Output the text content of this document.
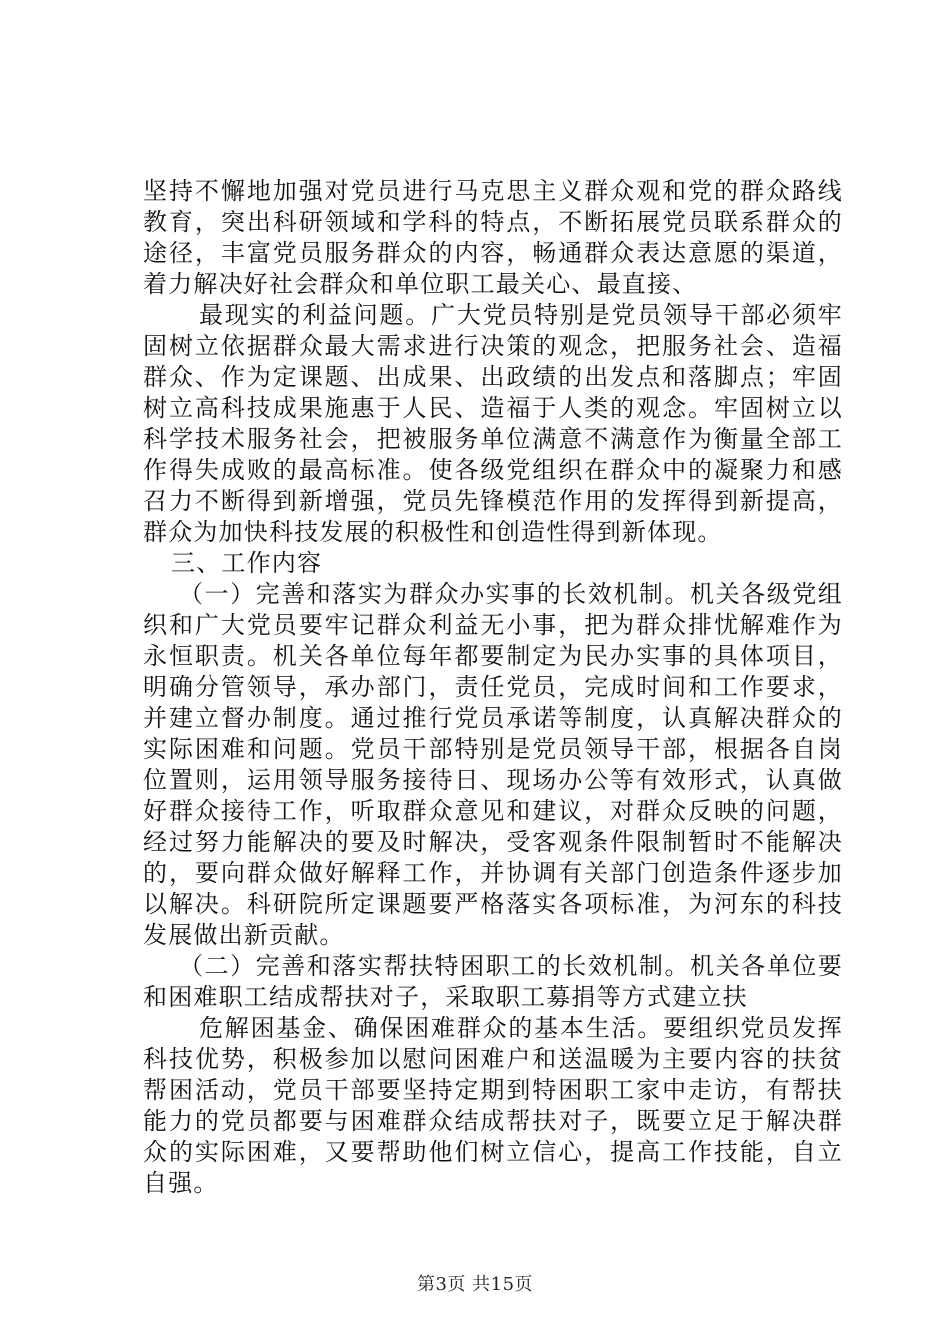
坚持不懈地加强对党员进行马克思主义群众观和党的群众路线教育，突出科研领域和学科的特点，不断拓展党员联系群众的途径，丰富党员服务群众的内容，畅通群众表达意愿的渠道，着力解决好社会群众和单位职工最关心、最直接、

最现实的利益问题。广大党员特别是党员领导干部必须牢固树立依据群众最大需求进行决策的观念，把服务社会、造福群众、作为定课题、出成果、出政绩的出发点和落脚点；牢固树立高科技成果施惠于人民、造福于人类的观念。牢固树立以科学技术服务社会，把被服务单位满意不满意作为衡量全部工作得失成败的最高标准。使各级党组织在群众中的凝聚力和感召力不断得到新增强，党员先锋模范作用的发挥得到新提高，群众为加快科技发展的积极性和创造性得到新体现。

三、工作内容

（一）完善和落实为群众办实事的长效机制。机关各级党组织和广大党员要牢记群众利益无小事，把为群众排忧解难作为永恒职责。机关各单位每年都要制定为民办实事的具体项目，明确分管领导，承办部门，责任党员，完成时间和工作要求，并建立督办制度。通过推行党员承诺等制度，认真解决群众的实际困难和问题。党员干部特别是党员领导干部，根据各自岗位置则，运用领导服务接待日、现场办公等有效形式，认真做好群众接待工作，听取群众意见和建议，对群众反映的问题，经过努力能解决的要及时解决，受客观条件限制暂时不能解决的，要向群众做好解释工作，并协调有关部门创造条件逐步加以解决。科研院所定课题要严格落实各项标准，为河东的科技发展做出新贡献。

（二）完善和落实帮扶特困职工的长效机制。机关各单位要和困难职工结成帮扶对子，采取职工募捐等方式建立扶

危解困基金、确保困难群众的基本生活。要组织党员发挥科技优势，积极参加以慰问困难户和送温暖为主要内容的扶贫帮困活动，党员干部要坚持定期到特困职工家中走访，有帮扶能力的党员都要与困难群众结成帮扶对子，既要立足于解决群众的实际困难，又要帮助他们树立信心，提高工作技能，自立自强。

第3页 共15页
